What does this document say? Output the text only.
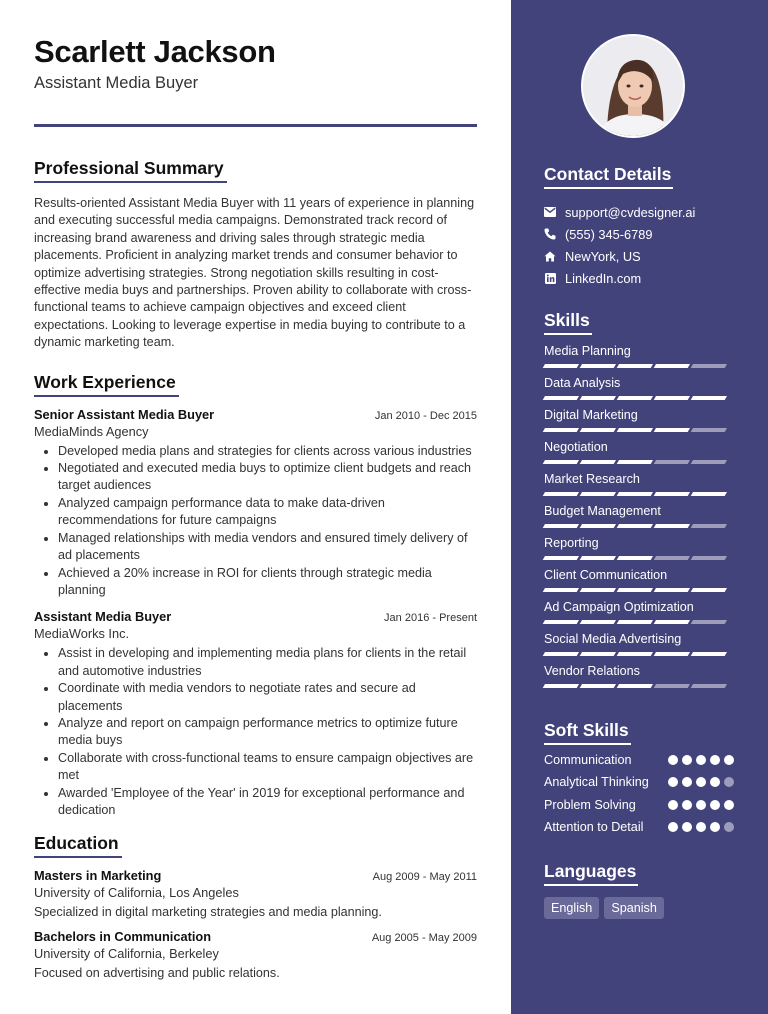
Scarlett Jackson
Assistant Media Buyer
Professional Summary

Results-oriented Assistant Media Buyer with 11 years of experience in planning and executing successful media campaigns. Demonstrated track record of increasing brand awareness and driving sales through strategic media placements. Proficient in analyzing market trends and consumer behavior to optimize advertising strategies. Strong negotiation skills resulting in cost-effective media buys and partnerships. Proven ability to collaborate with cross-functional teams to achieve campaign objectives and exceed client expectations. Looking to leverage expertise in media buying to contribute to a dynamic marketing team.

Work Experience
Senior Assistant Media Buyer	Jan 2010 - Dec 2015
MediaMinds Agency
• Developed media plans and strategies for clients across various industries
• Negotiated and executed media buys to optimize client budgets and reach target audiences
• Analyzed campaign performance data to make data-driven recommendations for future campaigns
• Managed relationships with media vendors and ensured timely delivery of ad placements
• Achieved a 20% increase in ROI for clients through strategic media planning
Assistant Media Buyer	Jan 2016 - Present
MediaWorks Inc.
• Assist in developing and implementing media plans for clients in the retail and automotive industries
• Coordinate with media vendors to negotiate rates and secure ad placements
• Analyze and report on campaign performance metrics to optimize future media buys
• Collaborate with cross-functional teams to ensure campaign objectives are met
• Awarded 'Employee of the Year' in 2019 for exceptional performance and dedication
Education
Masters in Marketing	Aug 2009 - May 2011
University of California, Los Angeles
Specialized in digital marketing strategies and media planning.
Bachelors in Communication	Aug 2005 - May 2009
University of California, Berkeley
Focused on advertising and public relations.
Contact Details
support@cvdesigner.ai
(555) 345-6789
NewYork, US
LinkedIn.com
Skills
Media Planning
Data Analysis
Digital Marketing
Negotiation
Market Research
Budget Management
Reporting
Client Communication
Ad Campaign Optimization
Social Media Advertising
Vendor Relations
Soft Skills
Communication
Analytical Thinking
Problem Solving
Attention to Detail
Languages
English	Spanish
